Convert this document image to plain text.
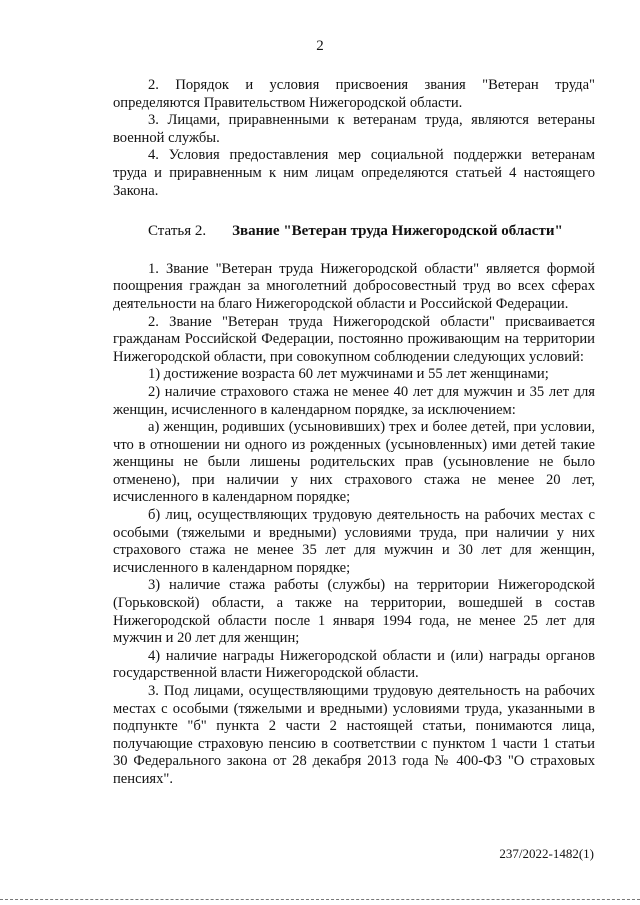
2

2. Порядок и условия присвоения звания "Ветеран труда" определяются Правительством Нижегородской области.

3. Лицами, приравненными к ветеранам труда, являются ветераны военной службы.

4. Условия предоставления мер социальной поддержки ветеранам труда и приравненным к ним лицам определяются статьей 4 настоящего Закона.

Статья 2. Звание "Ветеран труда Нижегородской области"

1. Звание "Ветеран труда Нижегородской области" является формой поощрения граждан за многолетний добросовестный труд во всех сферах деятельности на благо Нижегородской области и Российской Федерации.

2. Звание "Ветеран труда Нижегородской области" присваивается гражданам Российской Федерации, постоянно проживающим на территории Нижегородской области, при совокупном соблюдении следующих условий:

1) достижение возраста 60 лет мужчинами и 55 лет женщинами;

2) наличие страхового стажа не менее 40 лет для мужчин и 35 лет для женщин, исчисленного в календарном порядке, за исключением:

а) женщин, родивших (усыновивших) трех и более детей, при условии, что в отношении ни одного из рожденных (усыновленных) ими детей такие женщины не были лишены родительских прав (усыновление не было отменено), при наличии у них страхового стажа не менее 20 лет, исчисленного в календарном порядке;

б) лиц, осуществляющих трудовую деятельность на рабочих местах с особыми (тяжелыми и вредными) условиями труда, при наличии у них страхового стажа не менее 35 лет для мужчин и 30 лет для женщин, исчисленного в календарном порядке;

3) наличие стажа работы (службы) на территории Нижегородской (Горьковской) области, а также на территории, вошедшей в состав Нижегородской области после 1 января 1994 года, не менее 25 лет для мужчин и 20 лет для женщин;

4) наличие награды Нижегородской области и (или) награды органов государственной власти Нижегородской области.

3. Под лицами, осуществляющими трудовую деятельность на рабочих местах с особыми (тяжелыми и вредными) условиями труда, указанными в подпункте "б" пункта 2 части 2 настоящей статьи, понимаются лица, получающие страховую пенсию в соответствии с пунктом 1 части 1 статьи 30 Федерального закона от 28 декабря 2013 года № 400-ФЗ "О страховых пенсиях".

237/2022-1482(1)
